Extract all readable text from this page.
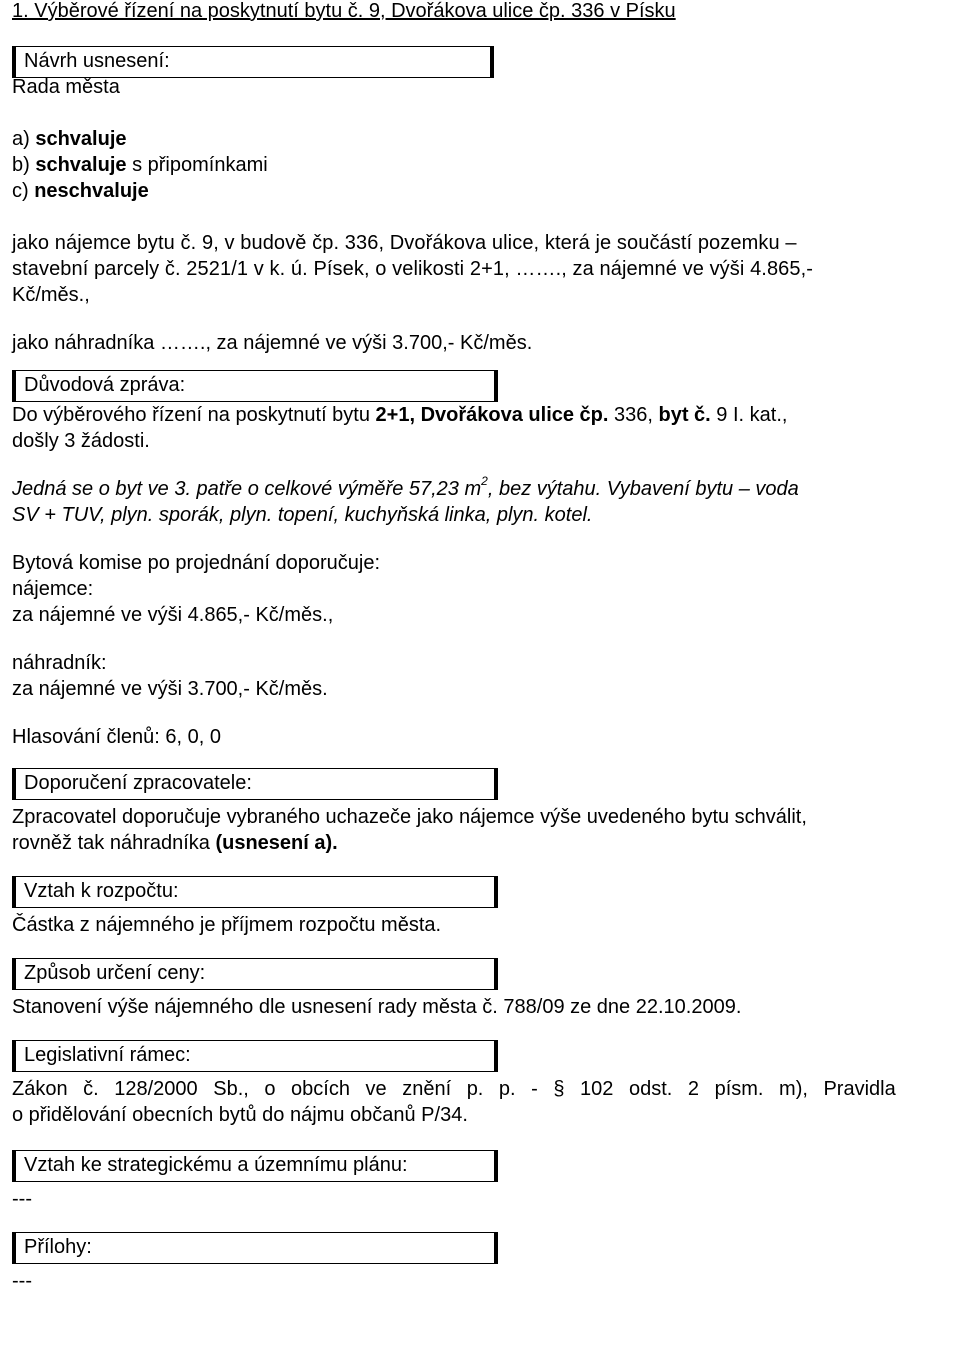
1. Výběrové řízení na poskytnutí bytu č. 9, Dvořákova ulice čp. 336 v Písku
Návrh usnesení:

Rada města

a) schvaluje

b) schvaluje s připomínkami

c) neschvaluje

jako nájemce bytu č. 9, v budově čp. 336, Dvořákova ulice, která je součástí pozemku –

stavební parcely č. 2521/1 v k. ú. Písek, o velikosti 2+1, ……., za nájemné ve výši 4.865,-

Kč/měs.,

jako náhradníka ……., za nájemné ve výši 3.700,- Kč/měs.

Důvodová zpráva:

Do výběrového řízení na poskytnutí bytu 2+1, Dvořákova ulice čp. 336, byt č. 9 I. kat.,

došly 3 žádosti.

Jedná se o byt ve 3. patře o celkové výměře 57,23 $m^2$, bez výtahu. Vybavení bytu – voda

SV + TUV, plyn. sporák, plyn. topení, kuchyňská linka, plyn. kotel.

Bytová komise po projednání doporučuje:

nájemce:

za nájemné ve výši 4.865,- Kč/měs.,

náhradník:

za nájemné ve výši 3.700,- Kč/měs.

Hlasování členů: 6, 0, 0

Doporučení zpracovatele:

Zpracovatel doporučuje vybraného uchazeče jako nájemce výše uvedeného bytu schválit,

rovněž tak náhradníka (usnesení a).

Vztah k rozpočtu:

Částka z nájemného je příjmem rozpočtu města.

Způsob určení ceny:

Stanovení výše nájemného dle usnesení rady města č. 788/09 ze dne 22.10.2009.

Legislativní rámec:

Zákon č. 128/2000 Sb., o obcích ve znění p. p. - § 102 odst. 2 písm. m), Pravidla

o přidělování obecních bytů do nájmu občanů P/34.

Vztah ke strategickému a územnímu plánu:

---

Přílohy:

---
